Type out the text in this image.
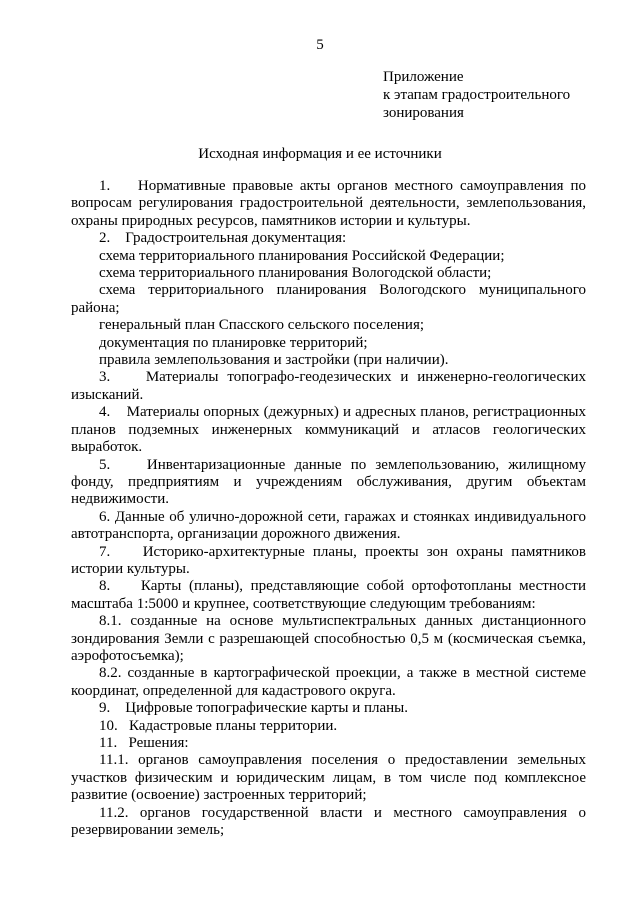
5
Приложение
к этапам градостроительного
зонирования
Исходная информация и ее источники
1.    Нормативные правовые акты органов местного самоуправления по вопросам регулирования градостроительной деятельности, землепользования, охраны природных ресурсов, памятников истории и культуры.
2.    Градостроительная документация:
схема территориального планирования Российской Федерации;
схема территориального планирования Вологодской области;
схема территориального планирования Вологодского муниципального района;
генеральный план Спасского сельского поселения;
документация по планировке территорий;
правила землепользования и застройки (при наличии).
3.    Материалы топографо-геодезических и инженерно-геологических изысканий.
4.    Материалы опорных (дежурных) и адресных планов, регистрационных планов подземных инженерных коммуникаций и атласов геологических выработок.
5.    Инвентаризационные данные по землепользованию, жилищному фонду, предприятиям и учреждениям обслуживания, другим объектам недвижимости.
6. Данные об улично-дорожной сети, гаражах и стоянках индивидуального автотранспорта, организации дорожного движения.
7.    Историко-архитектурные планы, проекты зон охраны памятников истории культуры.
8.    Карты (планы), представляющие собой ортофотопланы местности масштаба 1:5000 и крупнее, соответствующие следующим требованиям:
8.1. созданные на основе мультиспектральных данных дистанционного зондирования Земли с разрешающей способностью 0,5 м (космическая съемка, аэрофотосъемка);
8.2. созданные в картографической проекции, а также в местной системе координат, определенной для кадастрового округа.
9.    Цифровые топографические карты и планы.
10.   Кадастровые планы территории.
11.   Решения:
11.1. органов самоуправления поселения о предоставлении земельных участков физическим и юридическим лицам, в том числе под комплексное развитие (освоение) застроенных территорий;
11.2. органов государственной власти и местного самоуправления о резервировании земель;
